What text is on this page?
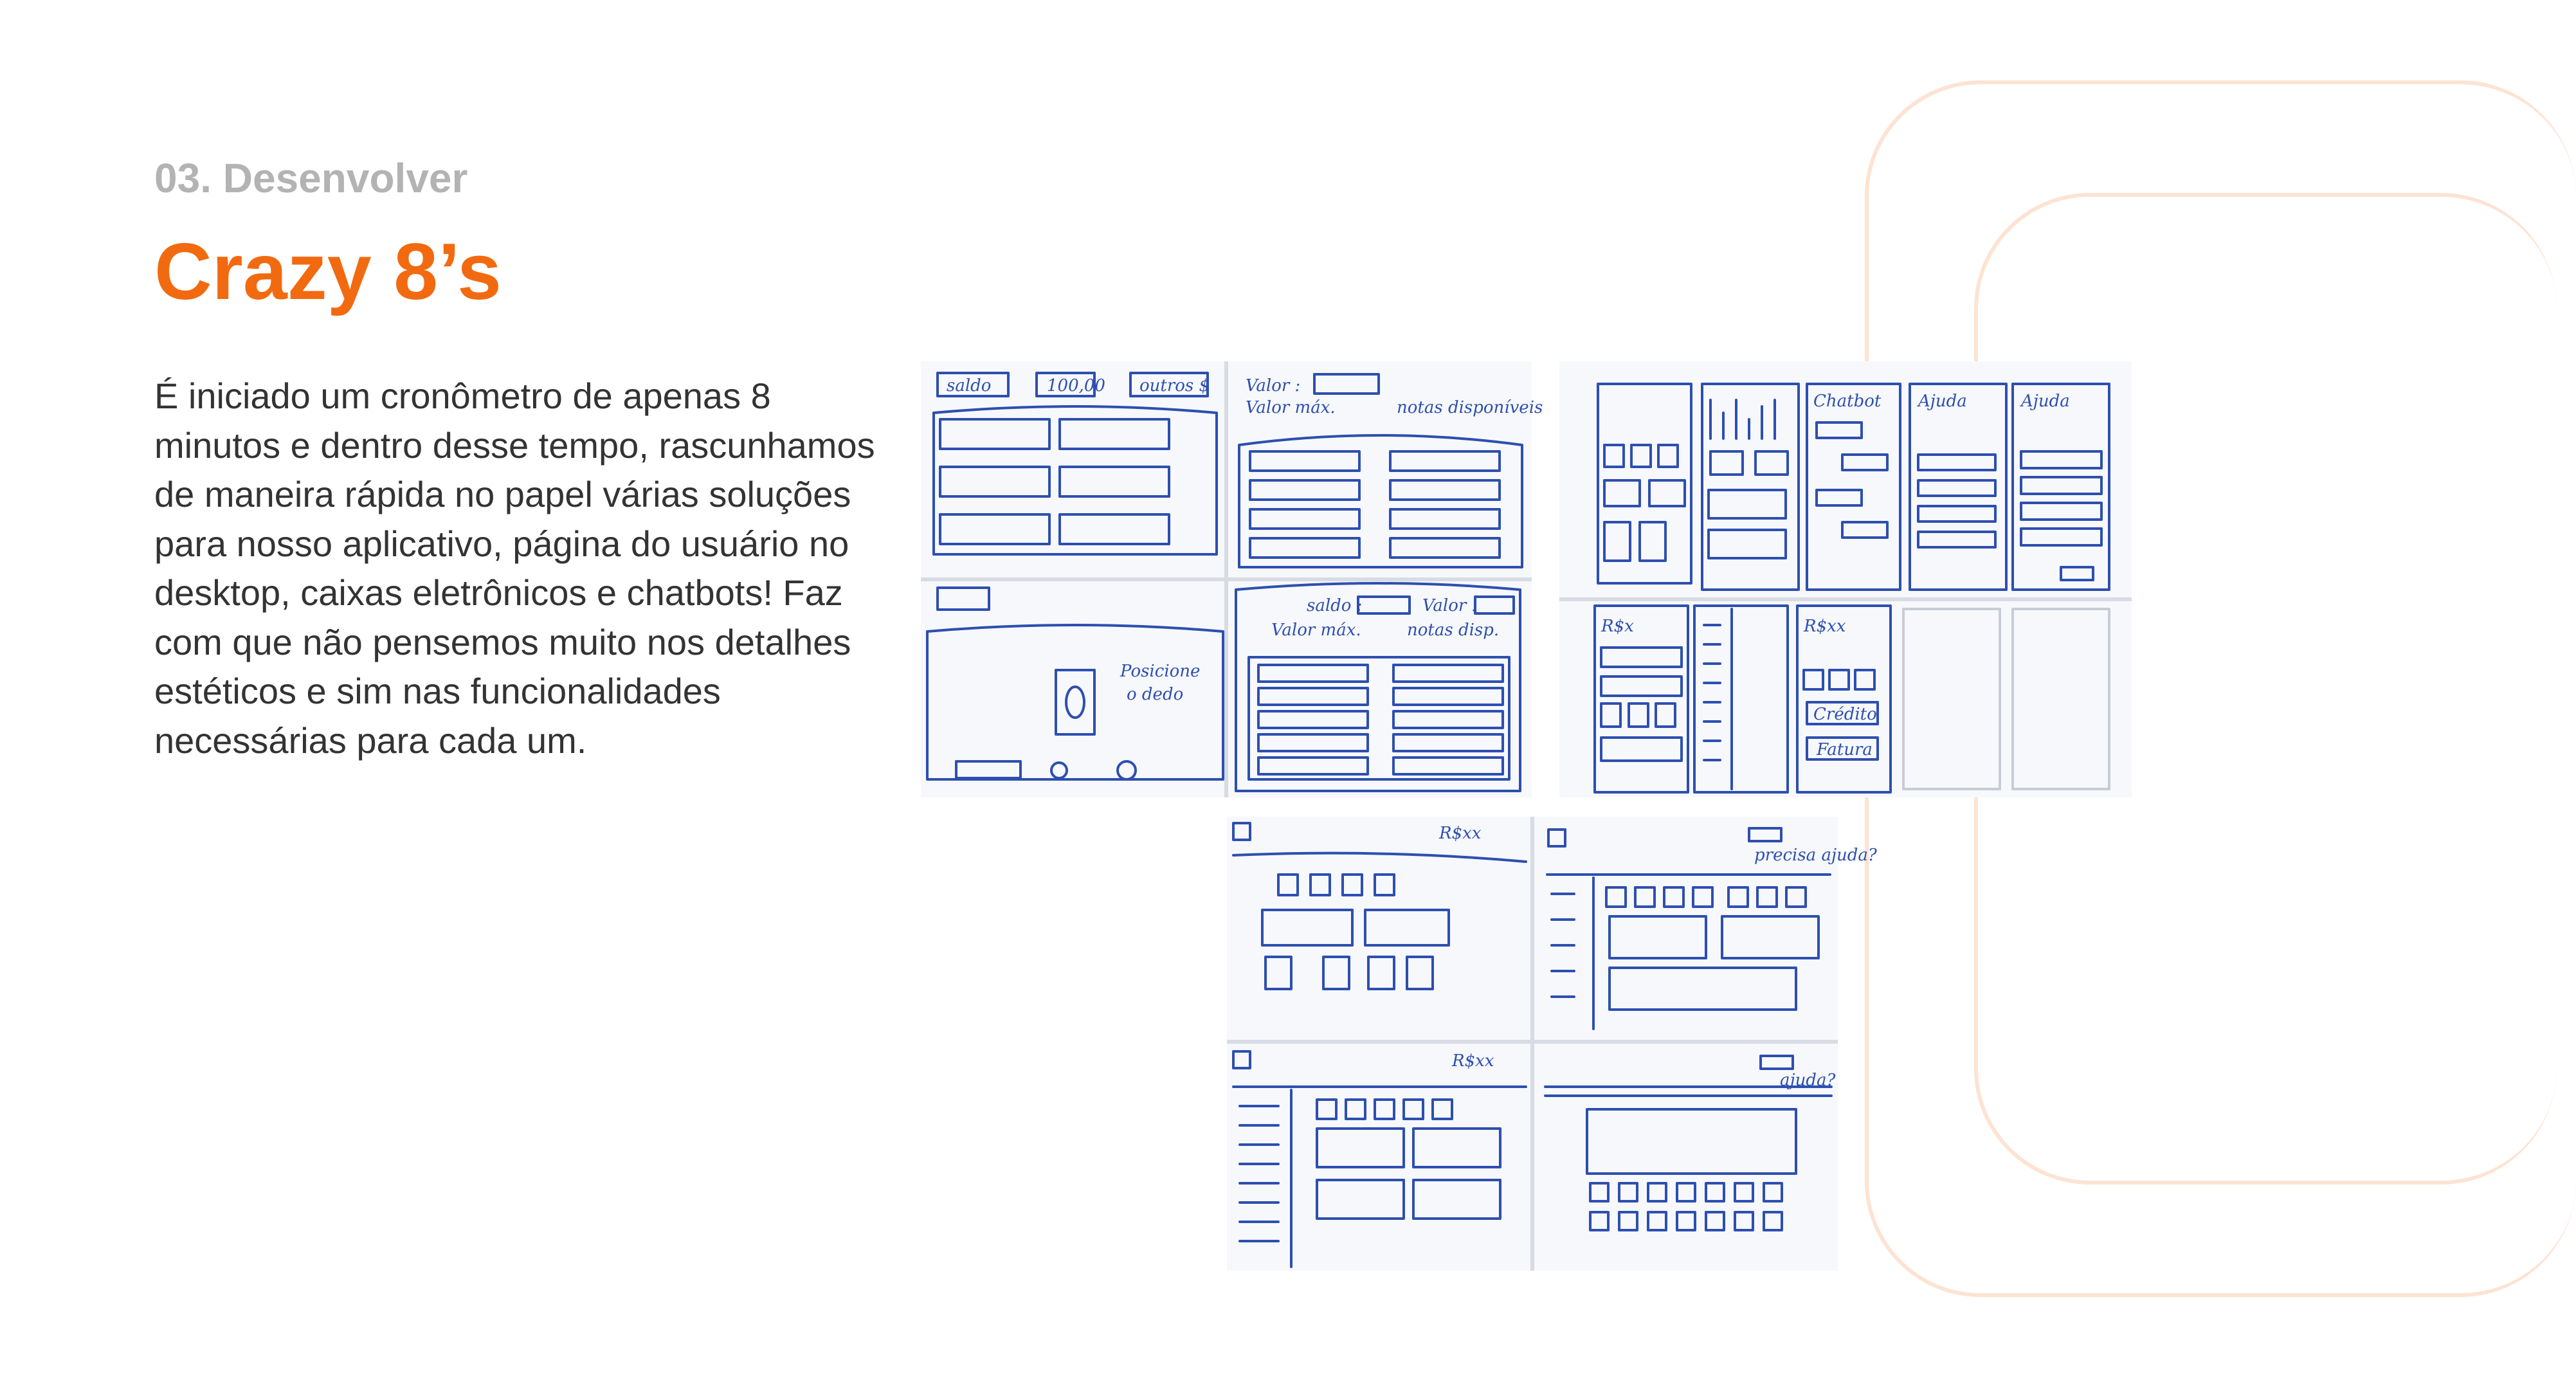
03. Desenvolver
Crazy 8’s
É iniciado um cronômetro de apenas 8 minutos e dentro desse tempo, rascunhamos de maneira rápida no papel várias soluções para nosso aplicativo, página do usuário no desktop, caixas eletrônicos e chatbots! Faz com que não pensemos muito nos detalhes estéticos e sim nas funcionalidades necessárias para cada um.
saldo	100,00 outros $ Valor :
Valor máx.	notas disponíveis
Posicione
o dedo
saldo :	Valor :
Valor máx.	notas disp.
Chatbot Ajuda	Ajuda
R$x	R$xx
Crédito
Fatura
R$xx
precisa ajuda?
R$xx
ajuda?
